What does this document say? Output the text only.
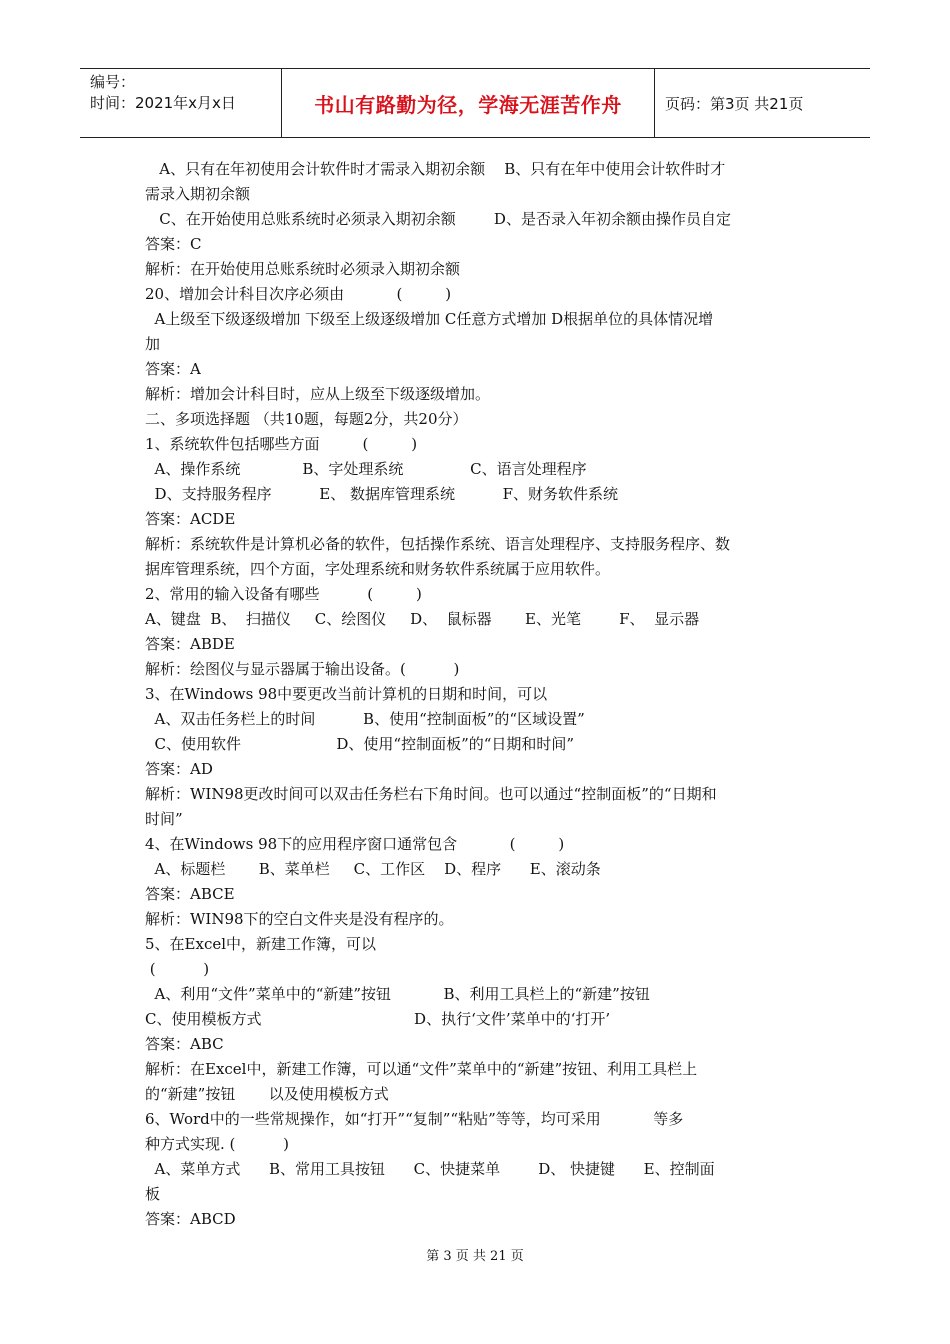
编号：
时间：2021年x月x日	书山有路勤为径，学海无涯苦作舟	页码：第3页 共21页
A、只有在年初使用会计软件时才需录入期初余额    B、只有在年中使用会计软件时才
需录入期初余额
C、在开始使用总账系统时必须录入期初余额        D、是否录入年初余额由操作员自定
答案：C
解析：在开始使用总账系统时必须录入期初余额
20、增加会计科目次序必须由           (         )
A上级至下级逐级增加 下级至上级逐级增加 C任意方式增加 D根据单位的具体情况增
加
答案：A
解析：增加会计科目时，应从上级至下级逐级增加。
二、多项选择题 （共10题，每题2分，共20分）
1、系统软件包括哪些方面         (         )
A、操作系统             B、字处理系统              C、语言处理程序
D、支持服务程序          E、 数据库管理系统          F、财务软件系统
答案：ACDE
解析：系统软件是计算机必备的软件，包括操作系统、语言处理程序、支持服务程序、数
据库管理系统，四个方面，字处理系统和财务软件系统属于应用软件。
2、常用的输入设备有哪些          (         )
A、键盘  B、  扫描仪     C、绘图仪     D、  鼠标器       E、光笔        F、  显示器
答案：ABDE
解析：绘图仪与显示器属于输出设备。(          )
3、在Windows 98中要更改当前计算机的日期和时间，可以
A、双击任务栏上的时间          B、使用“控制面板”的“区域设置”
C、使用软件                    D、使用“控制面板”的“日期和时间”
答案：AD
解析：WIN98更改时间可以双击任务栏右下角时间。也可以通过“控制面板”的“日期和
时间”
4、在Windows 98下的应用程序窗口通常包含           (         )
A、标题栏       B、菜单栏     C、工作区    D、程序      E、滚动条
答案：ABCE
解析：WIN98下的空白文件夹是没有程序的。
5、在Excel中，新建工作簿，可以
(          )
A、利用“文件”菜单中的“新建”按钮           B、利用工具栏上的“新建”按钮
C、使用模板方式                                D、执行‘文件’菜单中的‘打开’
答案：ABC
解析：在Excel中，新建工作簿，可以通“文件”菜单中的“新建”按钮、利用工具栏上
的“新建”按钮       以及使用模板方式
6、Word中的一些常规操作，如“打开”“复制”“粘贴”等等，均可采用           等多
种方式实现. (          )
A、菜单方式      B、常用工具按钮      C、快捷菜单        D、 快捷键      E、控制面
板
答案：ABCD
第 3 页 共 21 页
